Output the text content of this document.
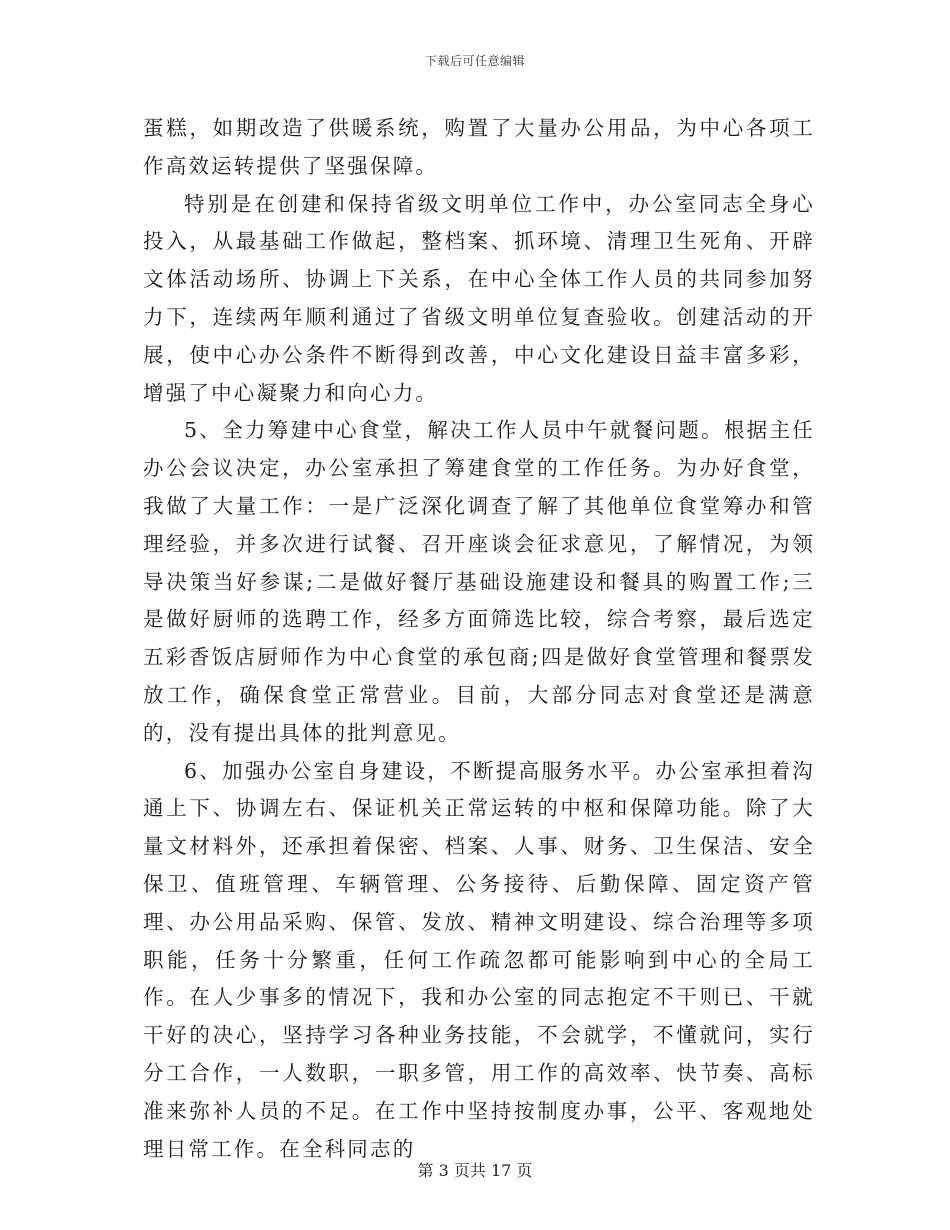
下载后可任意编辑

蛋糕，如期改造了供暖系统，购置了大量办公用品，为中心各项工作高效运转提供了坚强保障。

特别是在创建和保持省级文明单位工作中，办公室同志全身心投入，从最基础工作做起，整档案、抓环境、清理卫生死角、开辟文体活动场所、协调上下关系，在中心全体工作人员的共同参加努力下，连续两年顺利通过了省级文明单位复查验收。创建活动的开展，使中心办公条件不断得到改善，中心文化建设日益丰富多彩，增强了中心凝聚力和向心力。

5、全力筹建中心食堂，解决工作人员中午就餐问题。根据主任办公会议决定，办公室承担了筹建食堂的工作任务。为办好食堂，我做了大量工作：一是广泛深化调查了解了其他单位食堂筹办和管理经验，并多次进行试餐、召开座谈会征求意见，了解情况，为领导决策当好参谋;二是做好餐厅基础设施建设和餐具的购置工作;三是做好厨师的选聘工作，经多方面筛选比较，综合考察，最后选定五彩香饭店厨师作为中心食堂的承包商;四是做好食堂管理和餐票发放工作，确保食堂正常营业。目前，大部分同志对食堂还是满意的，没有提出具体的批判意见。

6、加强办公室自身建设，不断提高服务水平。办公室承担着沟通上下、协调左右、保证机关正常运转的中枢和保障功能。除了大量文材料外，还承担着保密、档案、人事、财务、卫生保洁、安全保卫、值班管理、车辆管理、公务接待、后勤保障、固定资产管理、办公用品采购、保管、发放、精神文明建设、综合治理等多项职能，任务十分繁重，任何工作疏忽都可能影响到中心的全局工作。在人少事多的情况下，我和办公室的同志抱定不干则已、干就干好的决心，坚持学习各种业务技能，不会就学，不懂就问，实行分工合作，一人数职，一职多管，用工作的高效率、快节奏、高标准来弥补人员的不足。在工作中坚持按制度办事，公平、客观地处理日常工作。在全科同志的

第 3 页共 17 页
